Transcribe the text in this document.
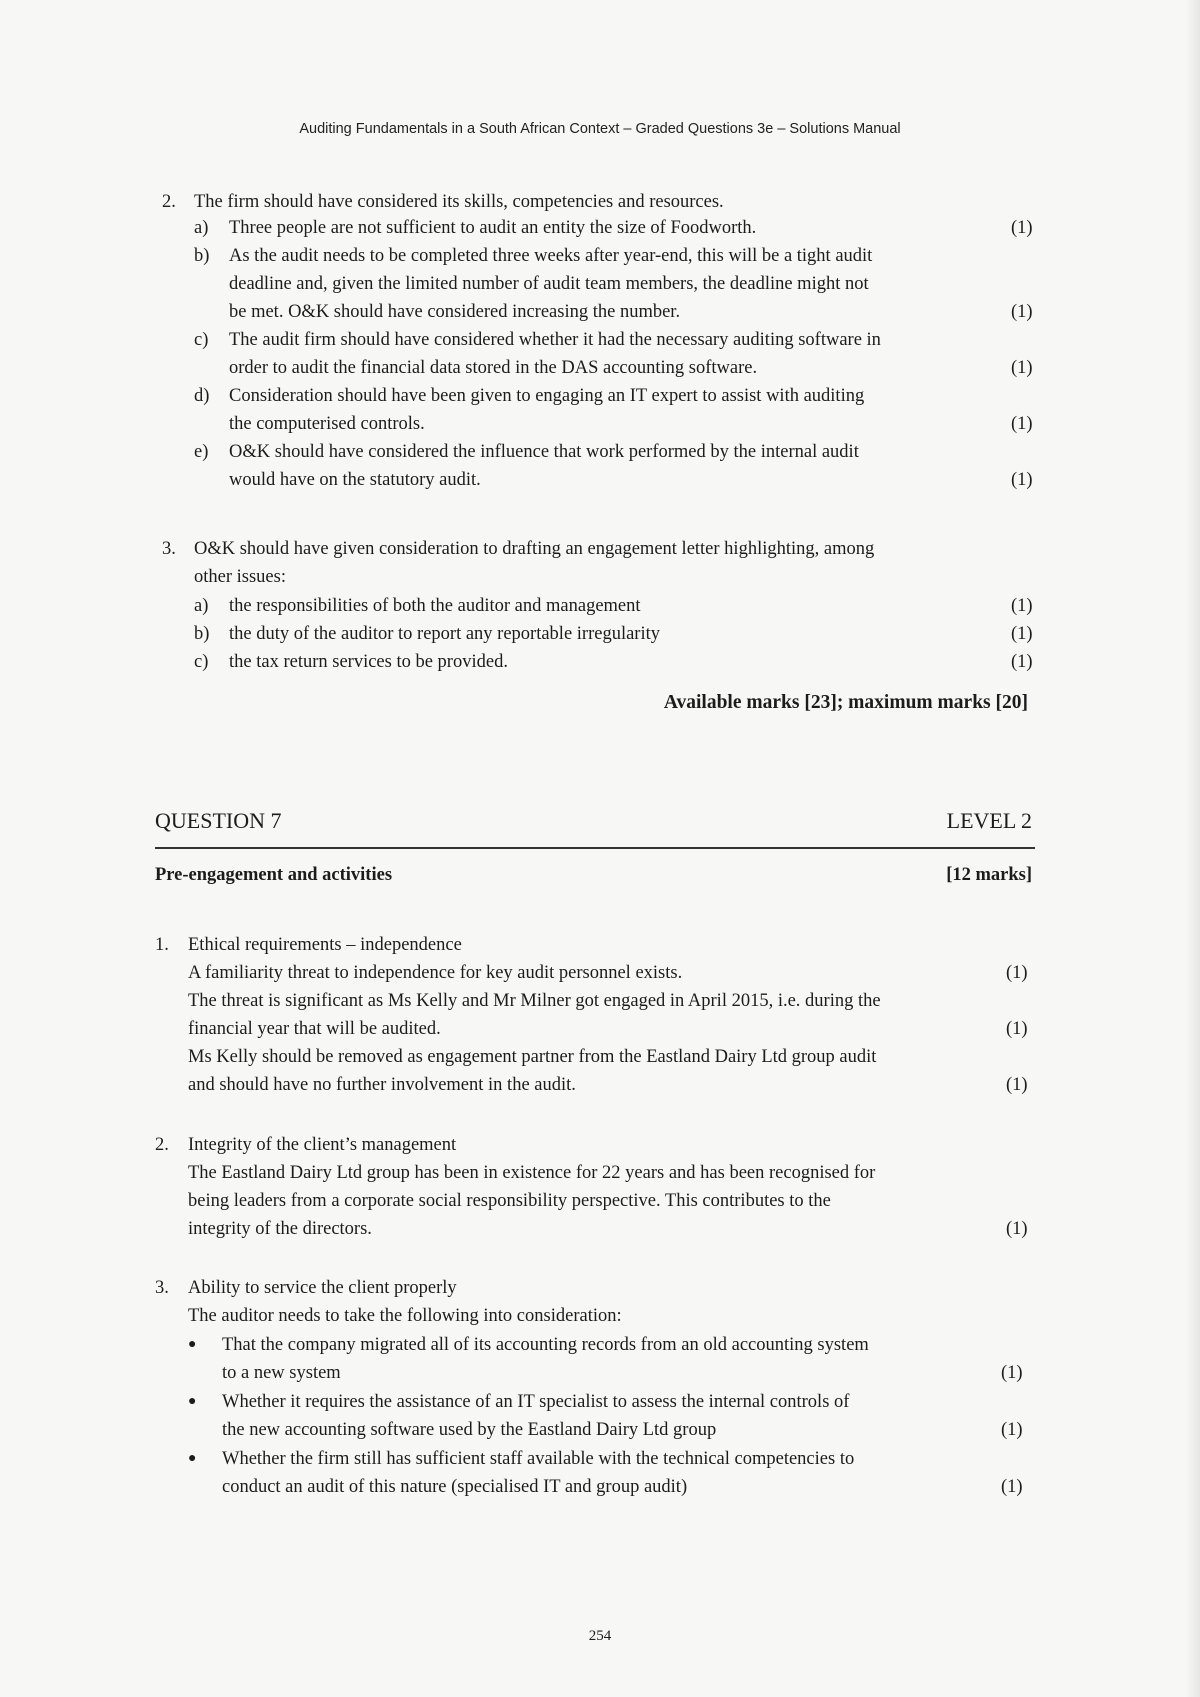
Auditing Fundamentals in a South African Context – Graded Questions 3e – Solutions Manual
2. The firm should have considered its skills, competencies and resources.
a) Three people are not sufficient to audit an entity the size of Foodworth.	(1)
b) As the audit needs to be completed three weeks after year-end, this will be a tight audit
deadline and, given the limited number of audit team members, the deadline might not
be met. O&K should have considered increasing the number.	(1)
c) The audit firm should have considered whether it had the necessary auditing software in
order to audit the financial data stored in the DAS accounting software.	(1)
d) Consideration should have been given to engaging an IT expert to assist with auditing
the computerised controls.	(1)
e) O&K should have considered the influence that work performed by the internal audit
would have on the statutory audit.	(1)
3. O&K should have given consideration to drafting an engagement letter highlighting, among
other issues:
a) the responsibilities of both the auditor and management	(1)
b) the duty of the auditor to report any reportable irregularity	(1)
c) the tax return services to be provided.	(1)
Available marks [23]; maximum marks [20]
QUESTION 7	LEVEL 2
Pre-engagement and activities	[12 marks]
1. Ethical requirements – independence
A familiarity threat to independence for key audit personnel exists.	(1)
The threat is significant as Ms Kelly and Mr Milner got engaged in April 2015, i.e. during the
financial year that will be audited.	(1)
Ms Kelly should be removed as engagement partner from the Eastland Dairy Ltd group audit
and should have no further involvement in the audit.	(1)
2. Integrity of the client’s management
The Eastland Dairy Ltd group has been in existence for 22 years and has been recognised for
being leaders from a corporate social responsibility perspective. This contributes to the
integrity of the directors.	(1)
3. Ability to service the client properly
The auditor needs to take the following into consideration:
● That the company migrated all of its accounting records from an old accounting system
to a new system	(1)
● Whether it requires the assistance of an IT specialist to assess the internal controls of
the new accounting software used by the Eastland Dairy Ltd group	(1)
● Whether the firm still has sufficient staff available with the technical competencies to
conduct an audit of this nature (specialised IT and group audit)	(1)
254
